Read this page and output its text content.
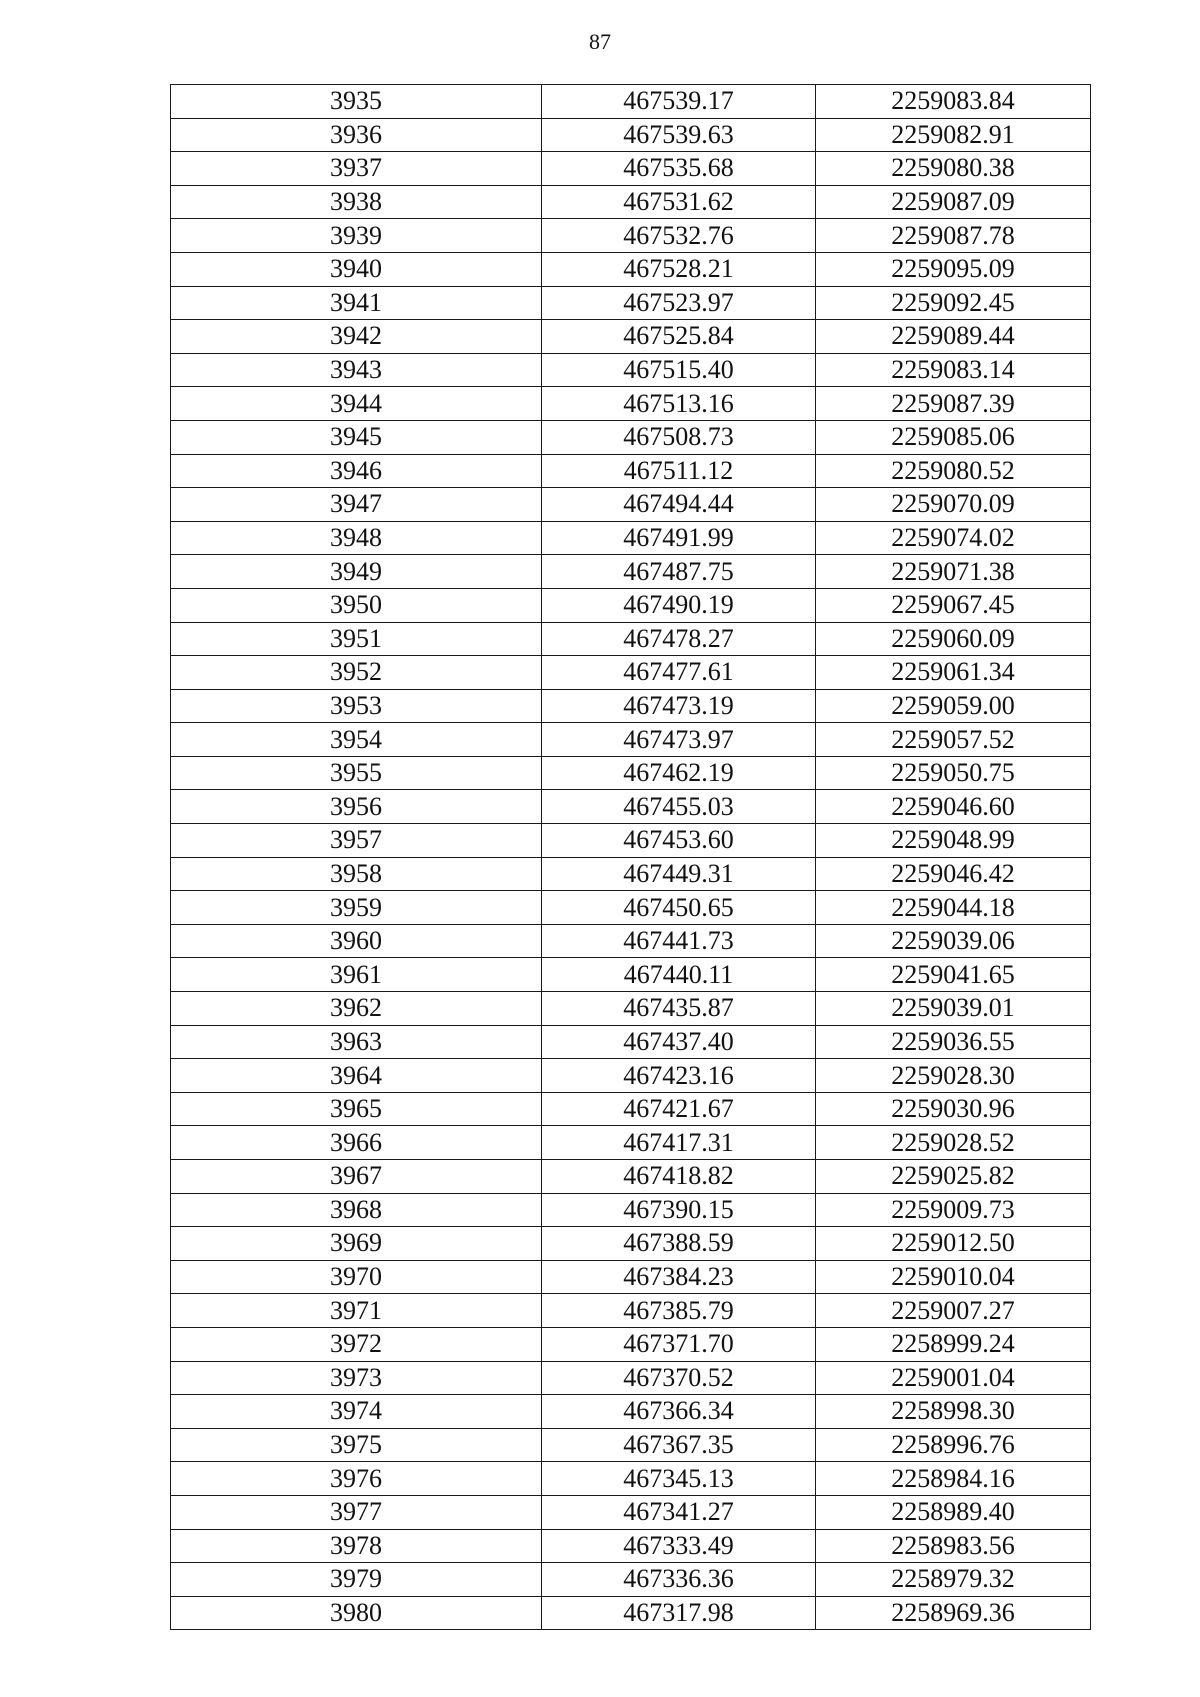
87
3935	467539.17	2259083.84
3936	467539.63	2259082.91
3937	467535.68	2259080.38
3938	467531.62	2259087.09
3939	467532.76	2259087.78
3940	467528.21	2259095.09
3941	467523.97	2259092.45
3942	467525.84	2259089.44
3943	467515.40	2259083.14
3944	467513.16	2259087.39
3945	467508.73	2259085.06
3946	467511.12	2259080.52
3947	467494.44	2259070.09
3948	467491.99	2259074.02
3949	467487.75	2259071.38
3950	467490.19	2259067.45
3951	467478.27	2259060.09
3952	467477.61	2259061.34
3953	467473.19	2259059.00
3954	467473.97	2259057.52
3955	467462.19	2259050.75
3956	467455.03	2259046.60
3957	467453.60	2259048.99
3958	467449.31	2259046.42
3959	467450.65	2259044.18
3960	467441.73	2259039.06
3961	467440.11	2259041.65
3962	467435.87	2259039.01
3963	467437.40	2259036.55
3964	467423.16	2259028.30
3965	467421.67	2259030.96
3966	467417.31	2259028.52
3967	467418.82	2259025.82
3968	467390.15	2259009.73
3969	467388.59	2259012.50
3970	467384.23	2259010.04
3971	467385.79	2259007.27
3972	467371.70	2258999.24
3973	467370.52	2259001.04
3974	467366.34	2258998.30
3975	467367.35	2258996.76
3976	467345.13	2258984.16
3977	467341.27	2258989.40
3978	467333.49	2258983.56
3979	467336.36	2258979.32
3980	467317.98	2258969.36
